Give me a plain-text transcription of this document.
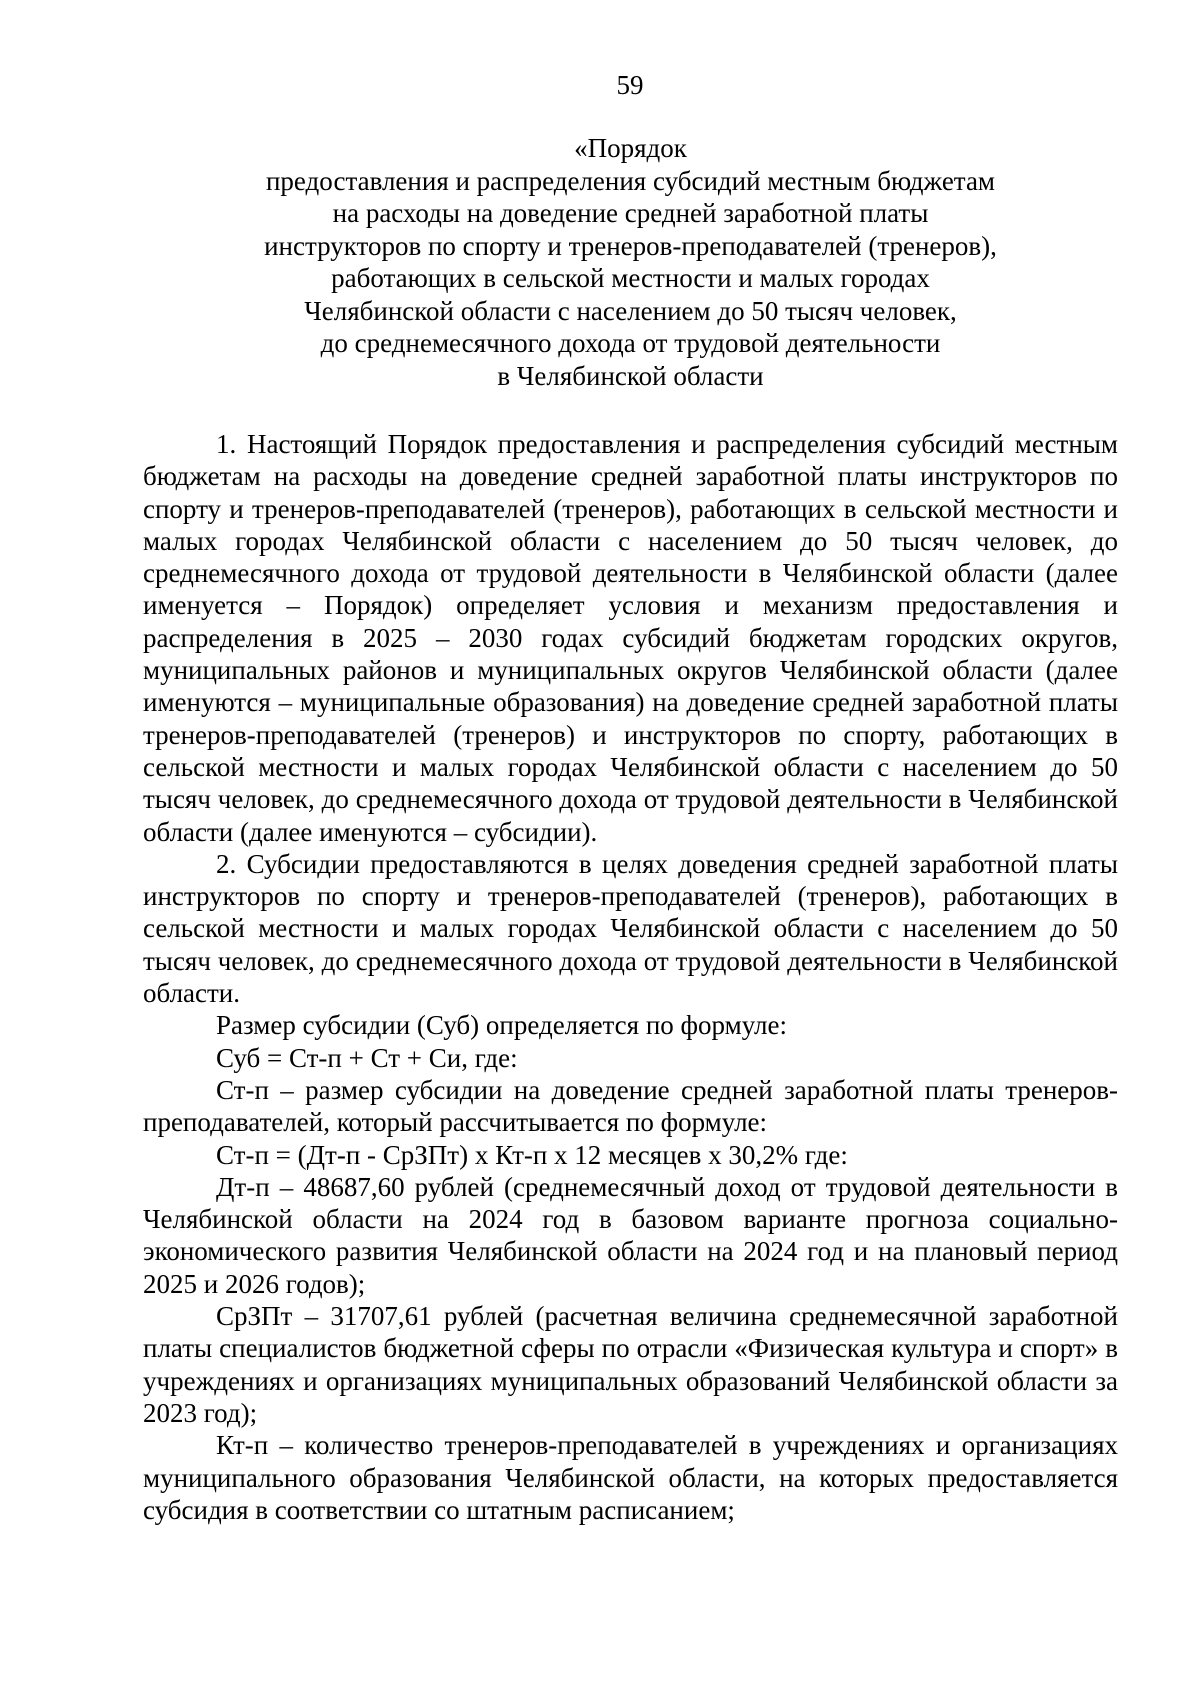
59
«Порядок
предоставления и распределения субсидий местным бюджетам
на расходы на доведение средней заработной платы
инструкторов по спорту и тренеров-преподавателей (тренеров),
работающих в сельской местности и малых городах
Челябинской области с населением до 50 тысяч человек,
до среднемесячного дохода от трудовой деятельности
в Челябинской области

1. Настоящий Порядок предоставления и распределения субсидий местным бюджетам на расходы на доведение средней заработной платы инструкторов по спорту и тренеров-преподавателей (тренеров), работающих в сельской местности и малых городах Челябинской области с населением до 50 тысяч человек, до среднемесячного дохода от трудовой деятельности в Челябинской области (далее именуется – Порядок) определяет условия и механизм предоставления и распределения в 2025 – 2030 годах субсидий бюджетам городских округов, муниципальных районов и муниципальных округов Челябинской области (далее именуются – муниципальные образования) на доведение средней заработной платы тренеров-преподавателей (тренеров) и инструкторов по спорту, работающих в сельской местности и малых городах Челябинской области с населением до 50 тысяч человек, до среднемесячного дохода от трудовой деятельности в Челябинской области (далее именуются – субсидии).

2. Субсидии предоставляются в целях доведения средней заработной платы инструкторов по спорту и тренеров-преподавателей (тренеров), работающих в сельской местности и малых городах Челябинской области с населением до 50 тысяч человек, до среднемесячного дохода от трудовой деятельности в Челябинской области.

Размер субсидии (Суб) определяется по формуле:

Суб = Ст-п + Ст + Си, где:

Ст-п – размер субсидии на доведение средней заработной платы тренеров-преподавателей, который рассчитывается по формуле:

Ст-п = (Дт-п - СрЗПт) х Кт-п х 12 месяцев х 30,2% где:

Дт-п – 48687,60 рублей (среднемесячный доход от трудовой деятельности в Челябинской области на 2024 год в базовом варианте прогноза социально-экономического развития Челябинской области на 2024 год и на плановый период 2025 и 2026 годов);

СрЗПт – 31707,61 рублей (расчетная величина среднемесячной заработной платы специалистов бюджетной сферы по отрасли «Физическая культура и спорт» в учреждениях и организациях муниципальных образований Челябинской области за 2023 год);

Кт-п – количество тренеров-преподавателей в учреждениях и организациях муниципального образования Челябинской области, на которых предоставляется субсидия в соответствии со штатным расписанием;
